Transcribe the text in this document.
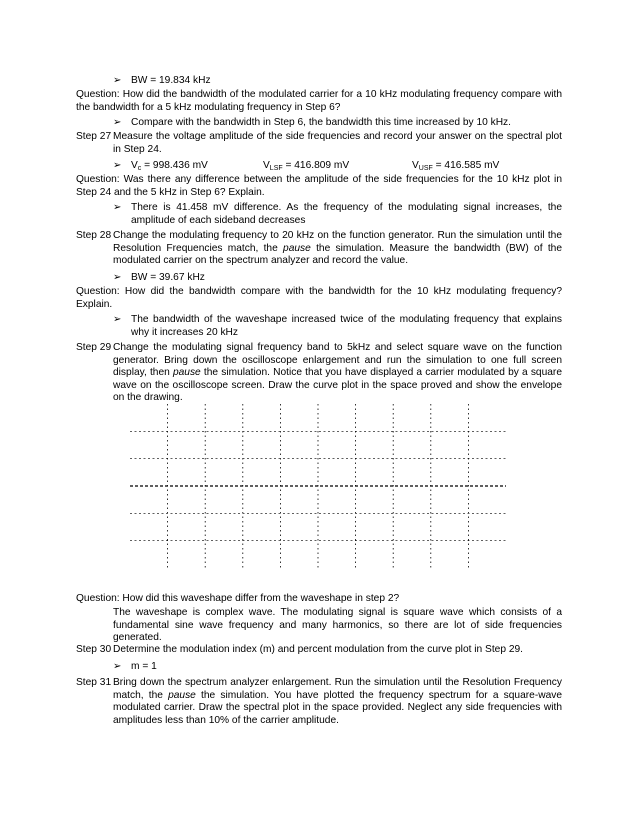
➢ BW = 19.834 kHz
Question: How did the bandwidth of the modulated carrier for a 10 kHz modulating frequency compare with the bandwidth for a 5 kHz modulating frequency in Step 6?
➢ Compare with the bandwidth in Step 6, the bandwidth this time increased by 10 kHz.
Step 27 Measure the voltage amplitude of the side frequencies and record your answer on the spectral plot in Step 24.
➢ $V_c = 998.436$ mV	$V_{LSF} = 416.809$ mV	$V_{USF} = 416.585$ mV
Question: Was there any difference between the amplitude of the side frequencies for the 10 kHz plot in Step 24 and the 5 kHz in Step 6? Explain.
➢ There is 41.458 mV difference. As the frequency of the modulating signal increases, the amplitude of each sideband decreases
Step 28 Change the modulating frequency to 20 kHz on the function generator. Run the simulation until the Resolution Frequencies match, the pause the simulation. Measure the bandwidth (BW) of the modulated carrier on the spectrum analyzer and record the value.
➢ BW = 39.67 kHz
Question: How did the bandwidth compare with the bandwidth for the 10 kHz modulating frequency? Explain.
➢ The bandwidth of the waveshape increased twice of the modulating frequency that explains why it increases 20 kHz
Step 29 Change the modulating signal frequency band to 5kHz and select square wave on the function generator. Bring down the oscilloscope enlargement and run the simulation to one full screen display, then pause the simulation. Notice that you have displayed a carrier modulated by a square wave on the oscilloscope screen. Draw the curve plot in the space proved and show the envelope on the drawing.
Question: How did this waveshape differ from the waveshape in step 2?
The waveshape is complex wave. The modulating signal is square wave which consists of a fundamental sine wave frequency and many harmonics, so there are lot of side frequencies generated.
Step 30 Determine the modulation index (m) and percent modulation from the curve plot in Step 29.
➢ m = 1
Step 31 Bring down the spectrum analyzer enlargement. Run the simulation until the Resolution Frequency match, the pause the simulation. You have plotted the frequency spectrum for a square-wave modulated carrier. Draw the spectral plot in the space provided. Neglect any side frequencies with amplitudes less than 10% of the carrier amplitude.
